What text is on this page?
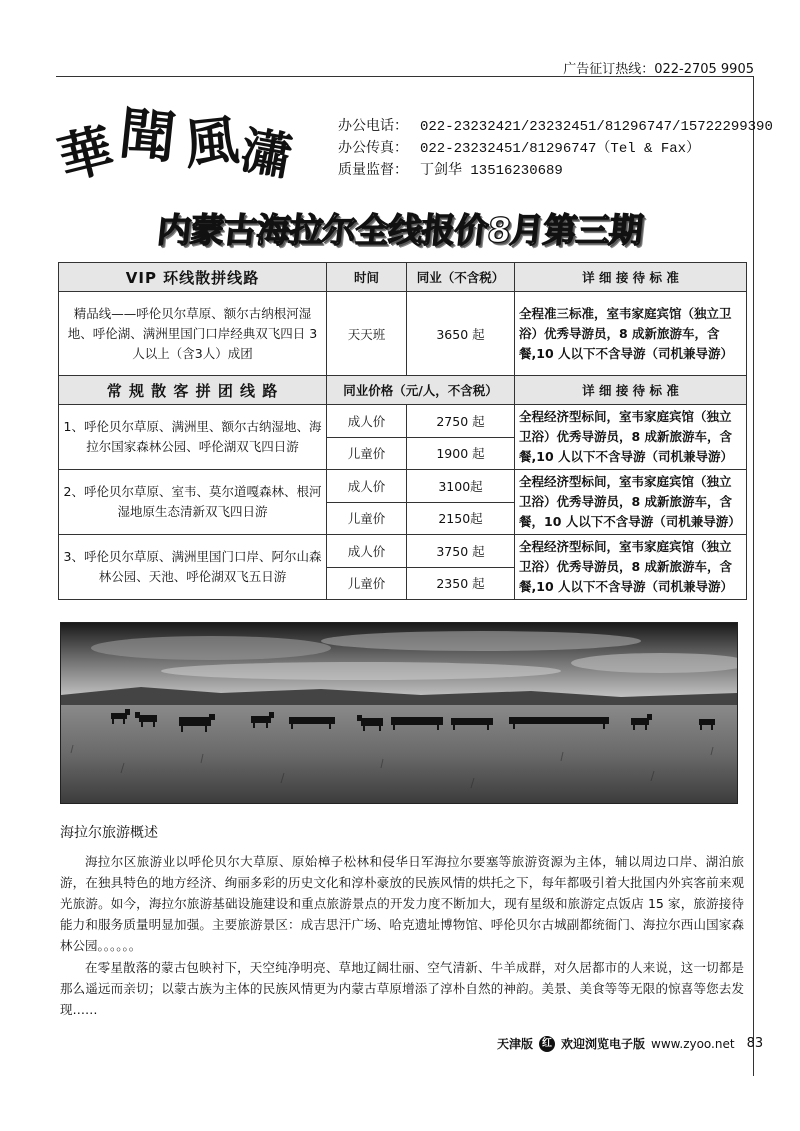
广告征订热线：022-2705 9905
華
聞 風
瀟	办公电话： 022-23232421/23232451/81296747/15722299390
办公传真： 022-23232451/81296747（Tel & Fax）
质量监督： 丁剑华 13516230689
内蒙古海拉尔全线报价8月第三期
VIP 环线散拼线路	时间	同业（不含税）	详 细 接 待 标 准
精品线——呼伦贝尔草原、额尔古纳根河湿地、呼伦湖、满洲里国门口岸经典双飞四日 3人以上（含3人）成团	天天班	3650 起	全程准三标准，室韦家庭宾馆（独立卫浴）优秀导游员，8 成新旅游车，含餐,10 人以下不含导游（司机兼导游）
常 规 散 客 拼 团 线 路	同业价格（元/人，不含税）		详 细 接 待 标 准
1、呼伦贝尔草原、满洲里、额尔古纳湿地、海拉尔国家森林公园、呼伦湖双飞四日游	成人价	2750 起	全程经济型标间，室韦家庭宾馆（独立卫浴）优秀导游员，8 成新旅游车，含餐,10 人以下不含导游（司机兼导游）
	儿童价	1900 起	
2、呼伦贝尔草原、室韦、莫尔道嘎森林、根河湿地原生态清新双飞四日游	成人价	3100起	全程经济型标间，室韦家庭宾馆（独立卫浴）优秀导游员，8 成新旅游车，含餐，10 人以下不含导游（司机兼导游）
	儿童价	2150起	
3、呼伦贝尔草原、满洲里国门口岸、阿尔山森林公园、天池、呼伦湖双飞五日游	成人价	3750 起	全程经济型标间，室韦家庭宾馆（独立卫浴）优秀导游员，8 成新旅游车，含餐,10 人以下不含导游（司机兼导游）
	儿童价	2350 起	
海拉尔旅游概述

海拉尔区旅游业以呼伦贝尔大草原、原始樟子松林和侵华日军海拉尔要塞等旅游资源为主体，辅以周边口岸、湖泊旅游，在独具特色的地方经济、绚丽多彩的历史文化和淳朴豪放的民族风情的烘托之下，每年都吸引着大批国内外宾客前来观光旅游。如今，海拉尔旅游基础设施建设和重点旅游景点的开发力度不断加大，现有星级和旅游定点饭店 15 家，旅游接待能力和服务质量明显加强。主要旅游景区：成吉思汗广场、哈克遗址博物馆、呼伦贝尔古城副都统衙门、海拉尔西山国家森林公园。。。。。。

在零星散落的蒙古包映衬下，天空纯净明亮、草地辽阔壮丽、空气清新、牛羊成群，对久居都市的人来说，这一切都是那么遥远而亲切；以蒙古族为主体的民族风情更为内蒙古草原增添了淳朴自然的神韵。美景、美食等等无限的惊喜等您去发现……

天津版 红 欢迎浏览电子版 www.zyoo.net 83
